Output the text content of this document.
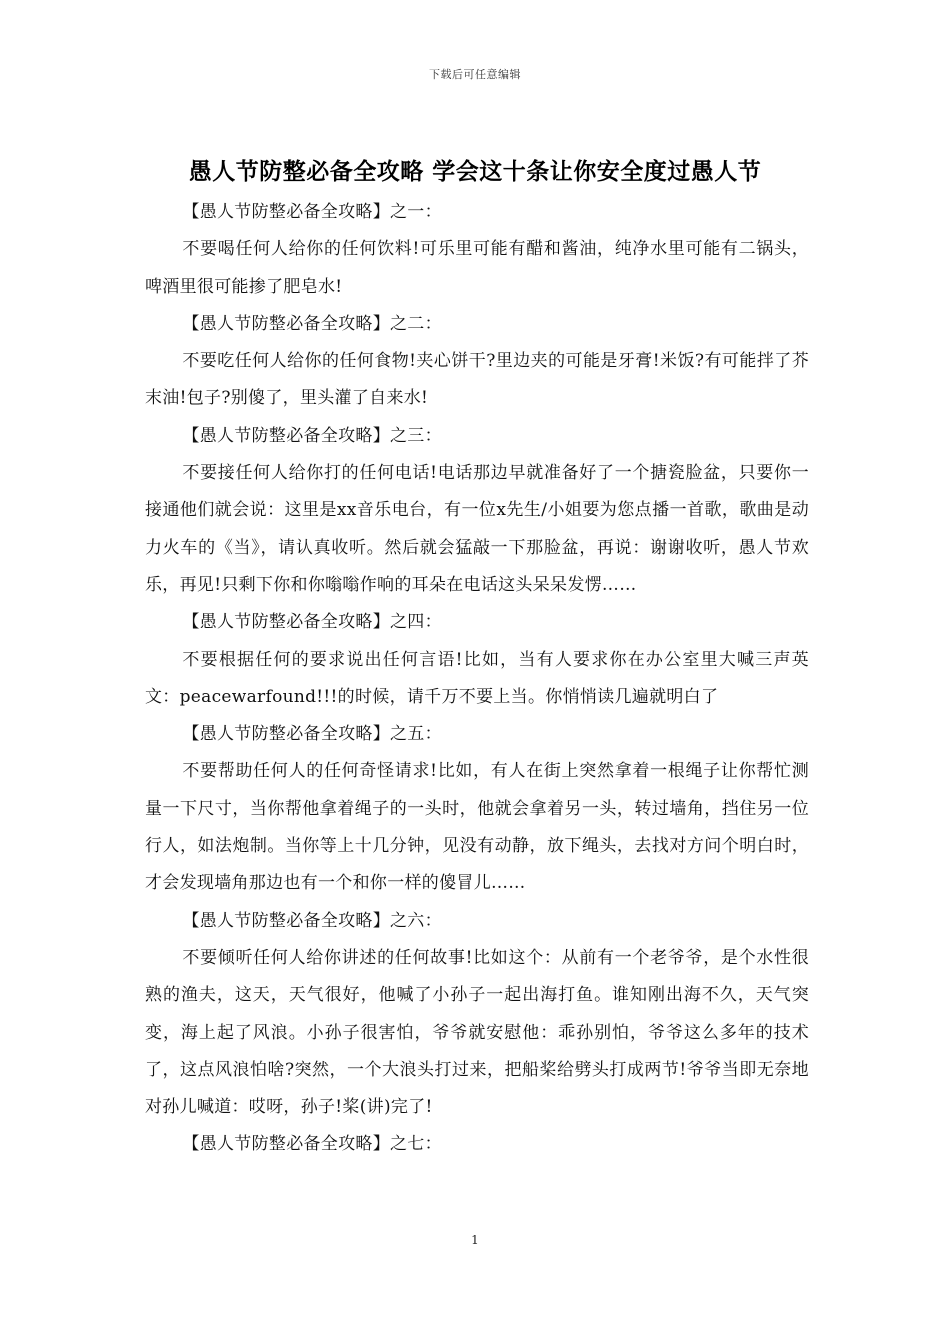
下载后可任意编辑
愚人节防整必备全攻略 学会这十条让你安全度过愚人节

【愚人节防整必备全攻略】之一：

不要喝任何人给你的任何饮料!可乐里可能有醋和酱油，纯净水里可能有二锅头，啤酒里很可能掺了肥皂水!

【愚人节防整必备全攻略】之二：

不要吃任何人给你的任何食物!夹心饼干?里边夹的可能是牙膏!米饭?有可能拌了芥末油!包子?别傻了，里头灌了自来水!

【愚人节防整必备全攻略】之三：

不要接任何人给你打的任何电话!电话那边早就准备好了一个搪瓷脸盆，只要你一接通他们就会说：这里是xx音乐电台，有一位x先生/小姐要为您点播一首歌，歌曲是动力火车的《当》，请认真收听。然后就会猛敲一下那脸盆，再说：谢谢收听，愚人节欢乐，再见!只剩下你和你嗡嗡作响的耳朵在电话这头呆呆发愣……

【愚人节防整必备全攻略】之四：

不要根据任何的要求说出任何言语!比如，当有人要求你在办公室里大喊三声英文：peacewarfound!!!的时候，请千万不要上当。你悄悄读几遍就明白了

【愚人节防整必备全攻略】之五：

不要帮助任何人的任何奇怪请求!比如，有人在街上突然拿着一根绳子让你帮忙测量一下尺寸，当你帮他拿着绳子的一头时，他就会拿着另一头，转过墙角，挡住另一位行人，如法炮制。当你等上十几分钟，见没有动静，放下绳头，去找对方问个明白时，才会发现墙角那边也有一个和你一样的傻冒儿……

【愚人节防整必备全攻略】之六：

不要倾听任何人给你讲述的任何故事!比如这个：从前有一个老爷爷，是个水性很熟的渔夫，这天，天气很好，他喊了小孙子一起出海打鱼。谁知刚出海不久，天气突变，海上起了风浪。小孙子很害怕，爷爷就安慰他：乖孙别怕，爷爷这么多年的技术了，这点风浪怕啥?突然，一个大浪头打过来，把船桨给劈头打成两节!爷爷当即无奈地对孙儿喊道：哎呀，孙子!桨(讲)完了!

【愚人节防整必备全攻略】之七：

1
